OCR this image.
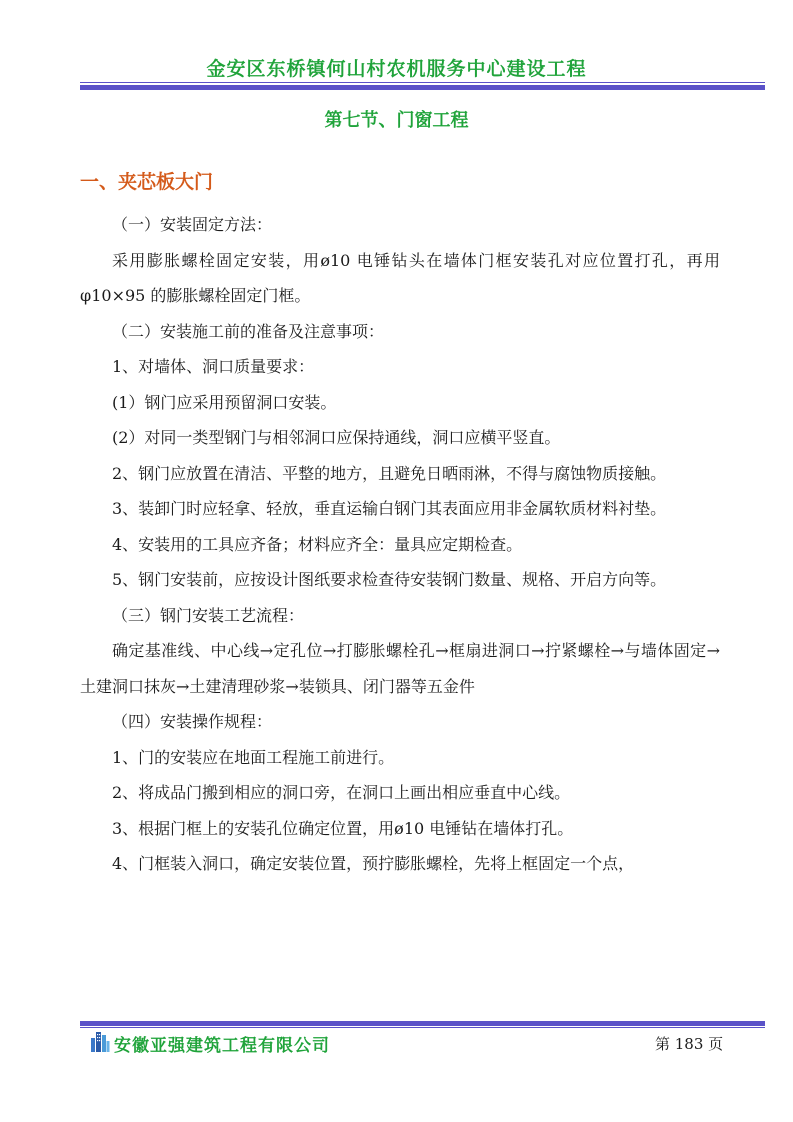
金安区东桥镇何山村农机服务中心建设工程
第七节、门窗工程
一、夹芯板大门

（一）安装固定方法：

采用膨胀螺栓固定安装，用ø10 电锤钻头在墙体门框安装孔对应位置打孔，再用φ10×95 的膨胀螺栓固定门框。

（二）安装施工前的准备及注意事项：

1、对墙体、洞口质量要求：

(1）钢门应采用预留洞口安装。

(2）对同一类型钢门与相邻洞口应保持通线，洞口应横平竖直。

2、钢门应放置在清洁、平整的地方，且避免日晒雨淋，不得与腐蚀物质接触。

3、装卸门时应轻拿、轻放，垂直运输白钢门其表面应用非金属软质材料衬垫。

4、安装用的工具应齐备；材料应齐全：量具应定期检查。

5、钢门安装前，应按设计图纸要求检查待安装钢门数量、规格、开启方向等。

（三）钢门安装工艺流程：

确定基准线、中心线→定孔位→打膨胀螺栓孔→框扇进洞口→拧紧螺栓→与墙体固定→土建洞口抹灰→土建清理砂浆→装锁具、闭门器等五金件

（四）安装操作规程：

1、门的安装应在地面工程施工前进行。

2、将成品门搬到相应的洞口旁，在洞口上画出相应垂直中心线。

3、根据门框上的安装孔位确定位置，用ø10 电锤钻在墙体打孔。

4、门框装入洞口，确定安装位置，预拧膨胀螺栓，先将上框固定一个点，

安徽亚强建筑工程有限公司	第 183 页
